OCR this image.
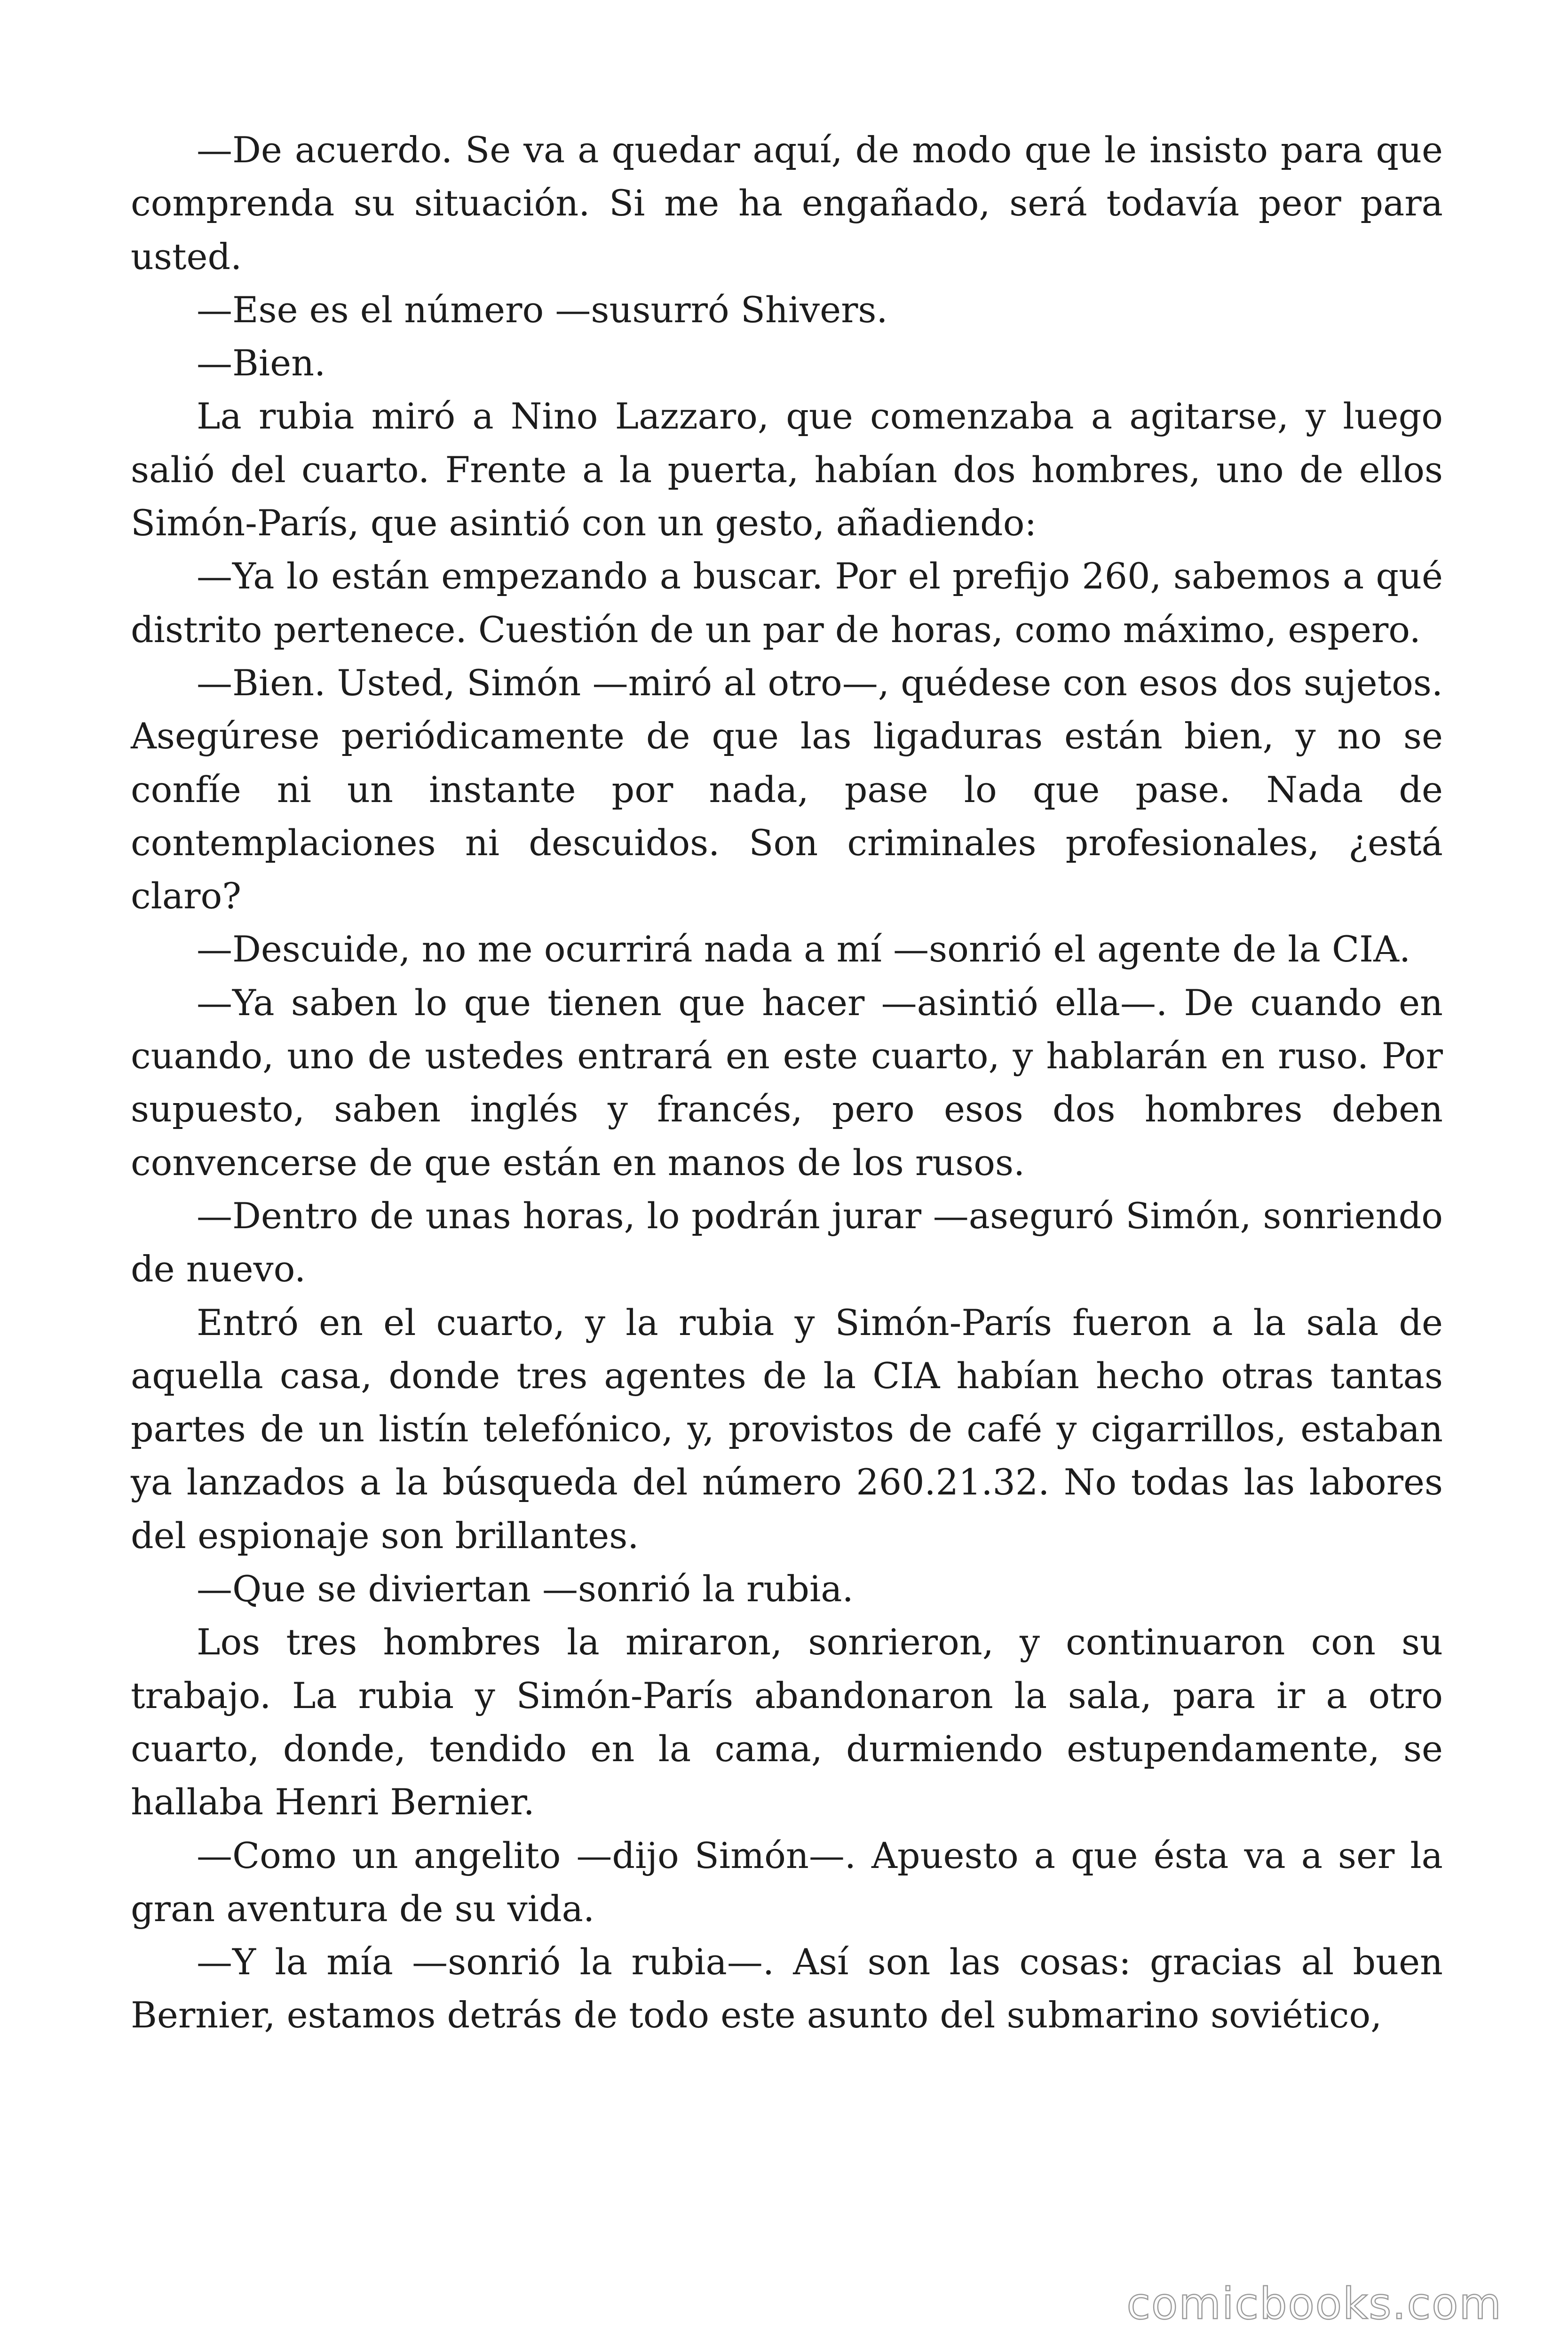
—De acuerdo. Se va a quedar aquí, de modo que le insisto para que comprenda su situación. Si me ha engañado, será todavía peor para usted.

—Ese es el número —susurró Shivers.

—Bien.

La rubia miró a Nino Lazzaro, que comenzaba a agitarse, y luego salió del cuarto. Frente a la puerta, habían dos hombres, uno de ellos Simón-París, que asintió con un gesto, añadiendo:

—Ya lo están empezando a buscar. Por el prefijo 260, sabemos a qué distrito pertenece. Cuestión de un par de horas, como máximo, espero.

—Bien. Usted, Simón —miró al otro—, quédese con esos dos sujetos. Asegúrese periódicamente de que las ligaduras están bien, y no se confíe ni un instante por nada, pase lo que pase. Nada de contemplaciones ni descuidos. Son criminales profesionales, ¿está claro?

—Descuide, no me ocurrirá nada a mí —sonrió el agente de la CIA.

—Ya saben lo que tienen que hacer —asintió ella—. De cuando en cuando, uno de ustedes entrará en este cuarto, y hablarán en ruso. Por supuesto, saben inglés y francés, pero esos dos hombres deben convencerse de que están en manos de los rusos.

—Dentro de unas horas, lo podrán jurar —aseguró Simón, sonriendo de nuevo.

Entró en el cuarto, y la rubia y Simón-París fueron a la sala de aquella casa, donde tres agentes de la CIA habían hecho otras tantas partes de un listín telefónico, y, provistos de café y cigarrillos, estaban ya lanzados a la búsqueda del número 260.21.32. No todas las labores del espionaje son brillantes.

—Que se diviertan —sonrió la rubia.

Los tres hombres la miraron, sonrieron, y continuaron con su trabajo. La rubia y Simón-París abandonaron la sala, para ir a otro cuarto, donde, tendido en la cama, durmiendo estupendamente, se hallaba Henri Bernier.

—Como un angelito —dijo Simón—. Apuesto a que ésta va a ser la gran aventura de su vida.

—Y la mía —sonrió la rubia—. Así son las cosas: gracias al buen Bernier, estamos detrás de todo este asunto del submarino soviético,

comicbooks.com
